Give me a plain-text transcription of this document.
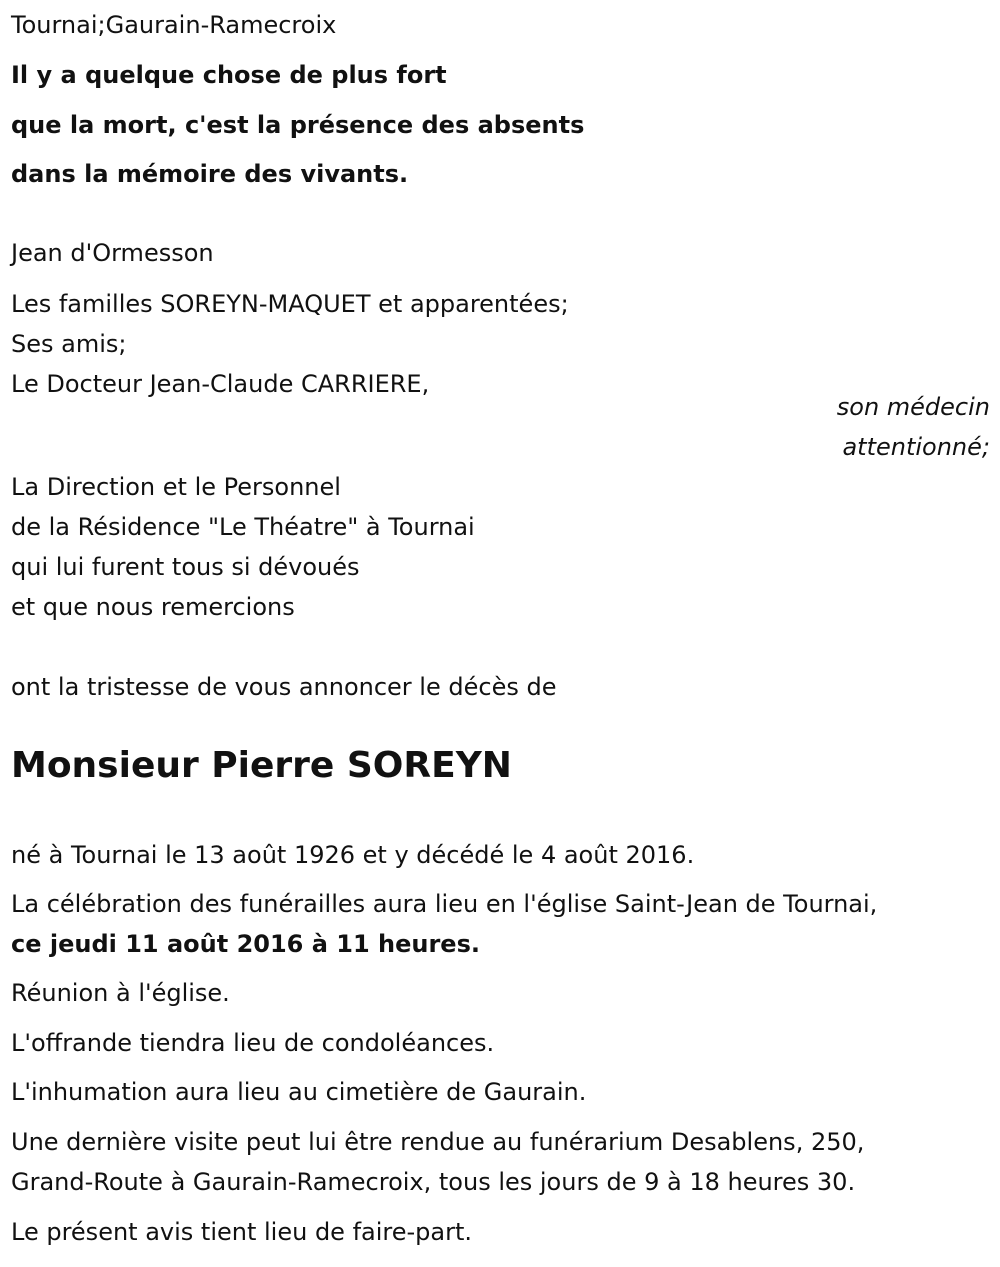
Tournai;Gaurain-Ramecroix

Il y a quelque chose de plus fort

que la mort, c'est la présence des absents

dans la mémoire des vivants.

Jean d'Ormesson

Les familles SOREYN-MAQUET et apparentées;

Ses amis;

Le Docteur Jean-Claude CARRIERE,

son médecin

attentionné;

La Direction et le Personnel

de la Résidence "Le Théatre" à Tournai

qui lui furent tous si dévoués

et que nous remercions

ont la tristesse de vous annoncer le décès de

Monsieur Pierre SOREYN

né à Tournai le 13 août 1926 et y décédé le 4 août 2016.

La célébration des funérailles aura lieu en l'église Saint-Jean de Tournai,

ce jeudi 11 août 2016 à 11 heures.

Réunion à l'église.

L'offrande tiendra lieu de condoléances.

L'inhumation aura lieu au cimetière de Gaurain.

Une dernière visite peut lui être rendue au funérarium Desablens, 250,

Grand-Route à Gaurain-Ramecroix, tous les jours de 9 à 18 heures 30.

Le présent avis tient lieu de faire-part.
